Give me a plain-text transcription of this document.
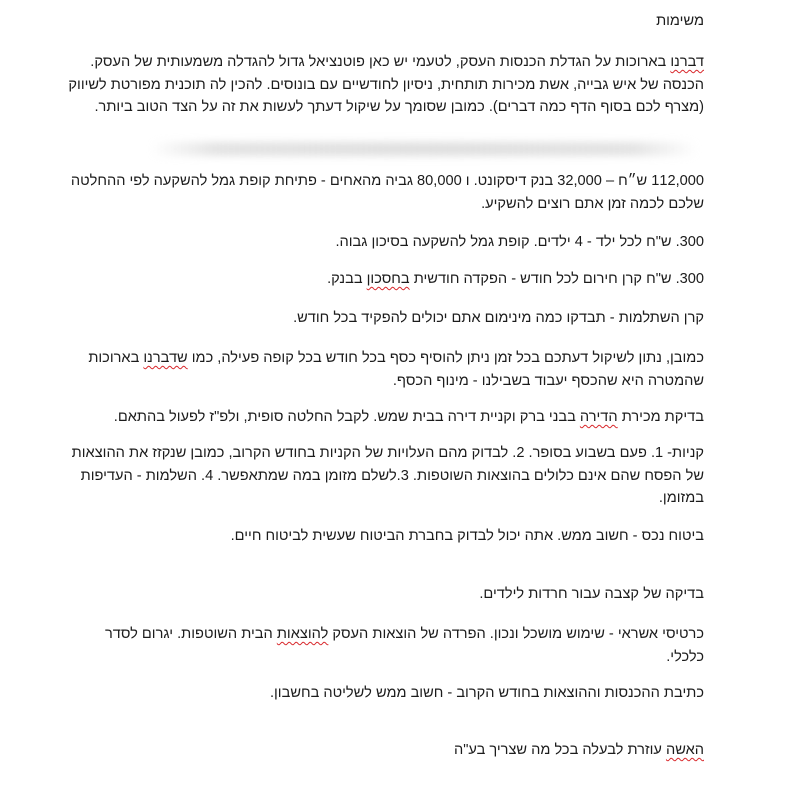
משימות

דברנו בארוכות על הגדלת הכנסות העסק, לטעמי יש כאן פוטנציאל גדול להגדלה משמעותית של העסק.
הכנסה של איש גבייה, אשת מכירות תותחית, ניסיון לחודשיים עם בונוסים. להכין לה תוכנית מפורטת לשיווק
(מצרף לכם בסוף הדף כמה דברים). כמובן שסומך על שיקול דעתך לעשות את זה על הצד הטוב ביותר.

112,000 ש״ח – 32,000 בנק דיסקונט. ו 80,000 גביה מהאחים - פתיחת קופת גמל להשקעה לפי ההחלטה
שלכם לכמה זמן אתם רוצים להשקיע.

300. ש"ח לכל ילד - 4 ילדים. קופת גמל להשקעה בסיכון גבוה.

300. ש"ח קרן חירום לכל חודש - הפקדה חודשית בחסכון בבנק.

קרן השתלמות - תבדקו כמה מינימום אתם יכולים להפקיד בכל חודש.

כמובן, נתון לשיקול דעתכם בכל זמן ניתן להוסיף כסף בכל חודש בכל קופה פעילה, כמו שדברנו בארוכות
שהמטרה היא שהכסף יעבוד בשבילנו - מינוף הכסף.

בדיקת מכירת הדירה בבני ברק וקניית דירה בבית שמש. לקבל החלטה סופית, ולפ"ז לפעול בהתאם.

קניות- 1. פעם בשבוע בסופר. 2. לבדוק מהם העלויות של הקניות בחודש הקרוב, כמובן שנקזז את ההוצאות
של הפסח שהם אינם כלולים בהוצאות השוטפות. 3.לשלם מזומן במה שמתאפשר. 4. השלמות - העדיפות
במזומן.

ביטוח נכס - חשוב ממש. אתה יכול לבדוק בחברת הביטוח שעשית לביטוח חיים.

בדיקה של קצבה עבור חרדות לילדים.

כרטיסי אשראי - שימוש מושכל ונכון. הפרדה של הוצאות העסק להוצאות הבית השוטפות. יגרום לסדר
כלכלי.

כתיבת ההכנסות וההוצאות בחודש הקרוב - חשוב ממש לשליטה בחשבון.

האשה עוזרת לבעלה בכל מה שצריך בע"ה
